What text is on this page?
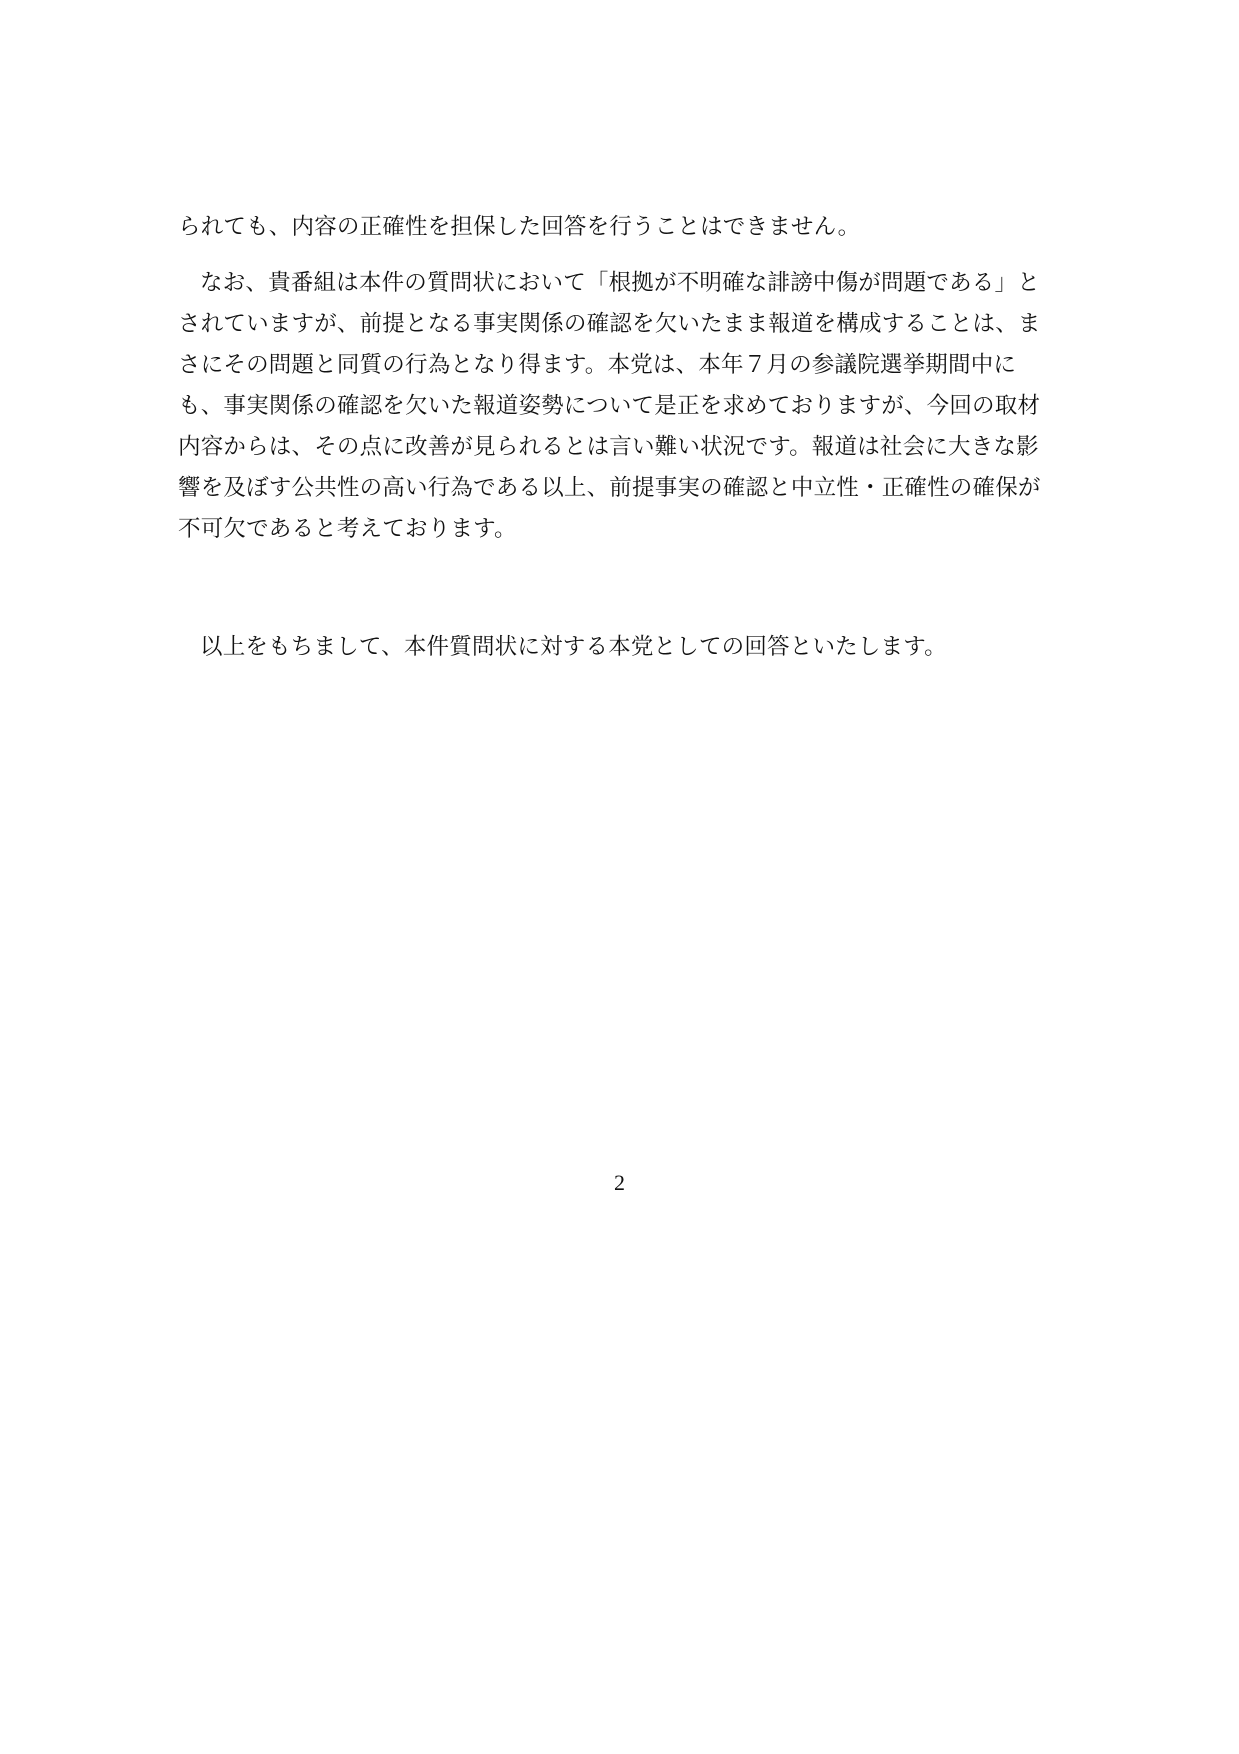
られても、内容の正確性を担保した回答を行うことはできません。
なお、貴番組は本件の質問状において「根拠が不明確な誹謗中傷が問題である」と
されていますが、前提となる事実関係の確認を欠いたまま報道を構成することは、ま
さにその問題と同質の行為となり得ます。本党は、本年７月の参議院選挙期間中に
も、事実関係の確認を欠いた報道姿勢について是正を求めておりますが、今回の取材
内容からは、その点に改善が見られるとは言い難い状況です。報道は社会に大きな影
響を及ぼす公共性の高い行為である以上、前提事実の確認と中立性・正確性の確保が
不可欠であると考えております。
以上をもちまして、本件質問状に対する本党としての回答といたします。
2
